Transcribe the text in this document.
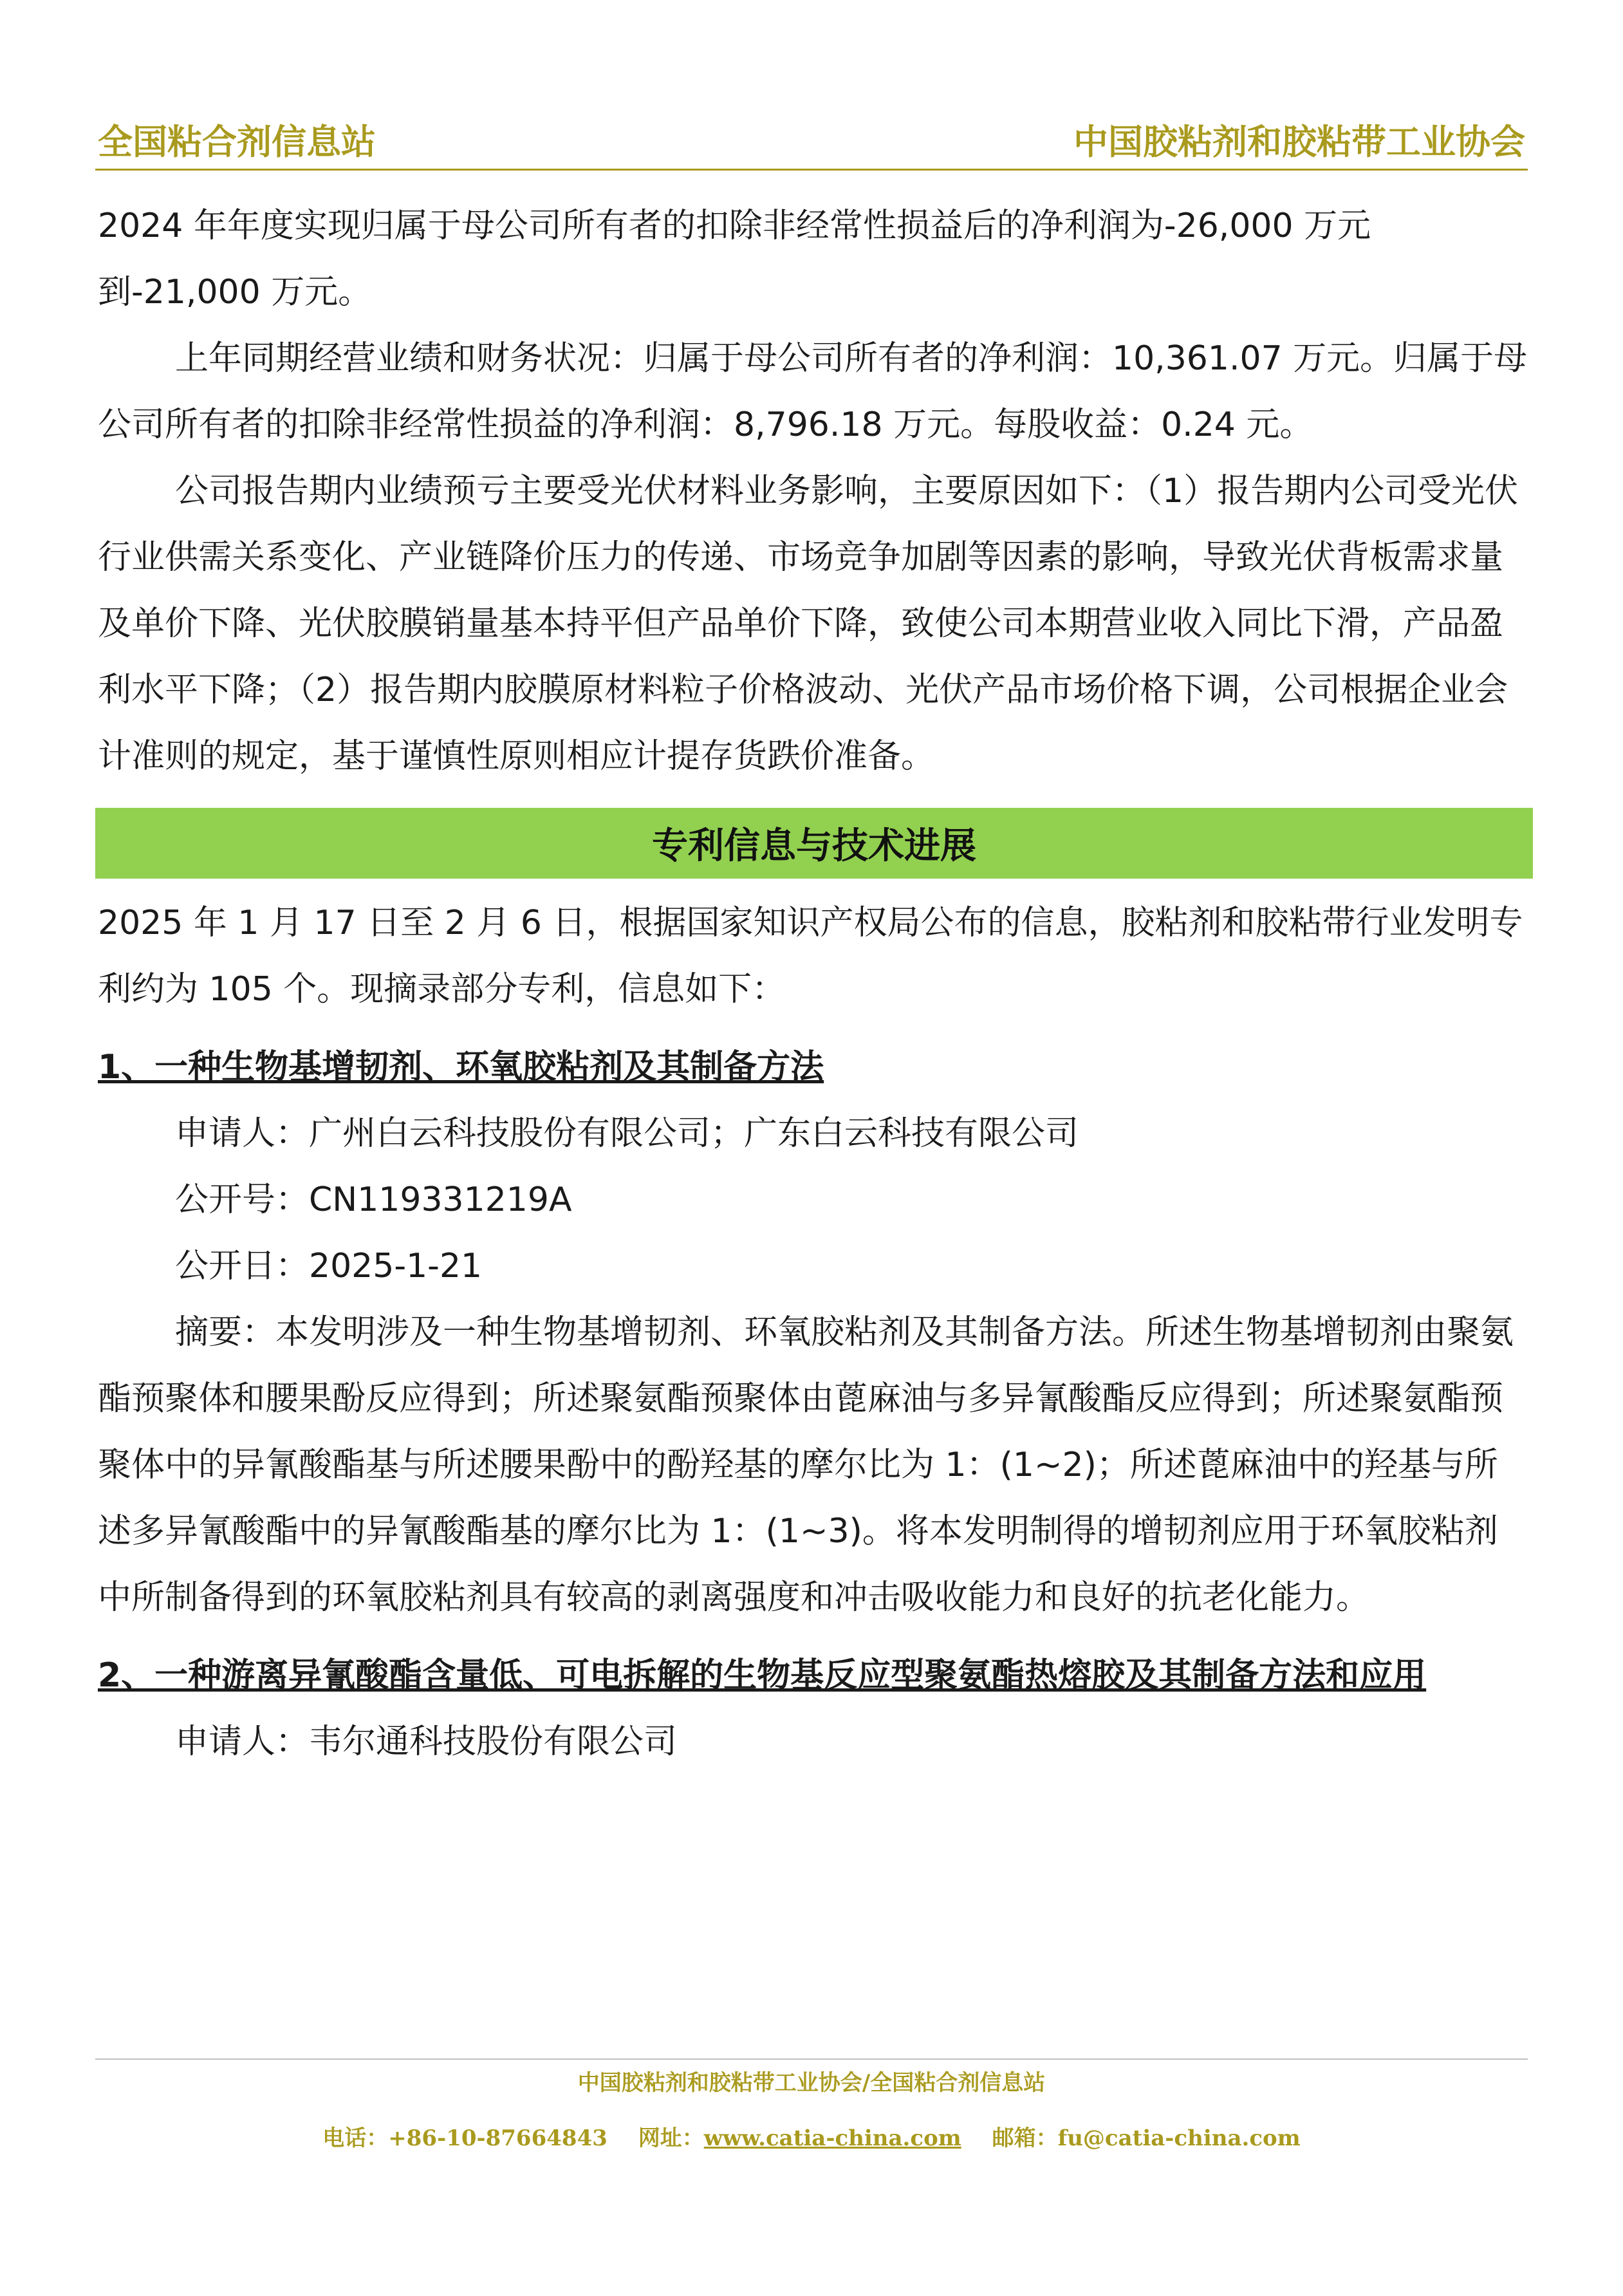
全国粘合剂信息站	中国胶粘剂和胶粘带工业协会

2024 年年度实现归属于母公司所有者的扣除非经常性损益后的净利润为-26,000 万元到-21,000 万元。

上年同期经营业绩和财务状况：归属于母公司所有者的净利润：10,361.07 万元。归属于母公司所有者的扣除非经常性损益的净利润：8,796.18 万元。每股收益：0.24 元。

公司报告期内业绩预亏主要受光伏材料业务影响，主要原因如下：（1）报告期内公司受光伏行业供需关系变化、产业链降价压力的传递、市场竞争加剧等因素的影响，导致光伏背板需求量及单价下降、光伏胶膜销量基本持平但产品单价下降，致使公司本期营业收入同比下滑，产品盈利水平下降；（2）报告期内胶膜原材料粒子价格波动、光伏产品市场价格下调，公司根据企业会计准则的规定，基于谨慎性原则相应计提存货跌价准备。

专利信息与技术进展

2025 年 1 月 17 日至 2 月 6 日，根据国家知识产权局公布的信息，胶粘剂和胶粘带行业发明专利约为 105 个。现摘录部分专利，信息如下：

1、一种生物基增韧剂、环氧胶粘剂及其制备方法

申请人：广州白云科技股份有限公司；广东白云科技有限公司

公开号：CN119331219A

公开日：2025-1-21

摘要：本发明涉及一种生物基增韧剂、环氧胶粘剂及其制备方法。所述生物基增韧剂由聚氨酯预聚体和腰果酚反应得到；所述聚氨酯预聚体由蓖麻油与多异氰酸酯反应得到；所述聚氨酯预聚体中的异氰酸酯基与所述腰果酚中的酚羟基的摩尔比为 1：(1~2)；所述蓖麻油中的羟基与所述多异氰酸酯中的异氰酸酯基的摩尔比为 1：(1~3)。将本发明制得的增韧剂应用于环氧胶粘剂中所制备得到的环氧胶粘剂具有较高的剥离强度和冲击吸收能力和良好的抗老化能力。

2、一种游离异氰酸酯含量低、可电拆解的生物基反应型聚氨酯热熔胶及其制备方法和应用

申请人：韦尔通科技股份有限公司

中国胶粘剂和胶粘带工业协会/全国粘合剂信息站
电话：+86-10-87664843 网址：www.catia-china.com 邮箱：fu@catia-china.com
